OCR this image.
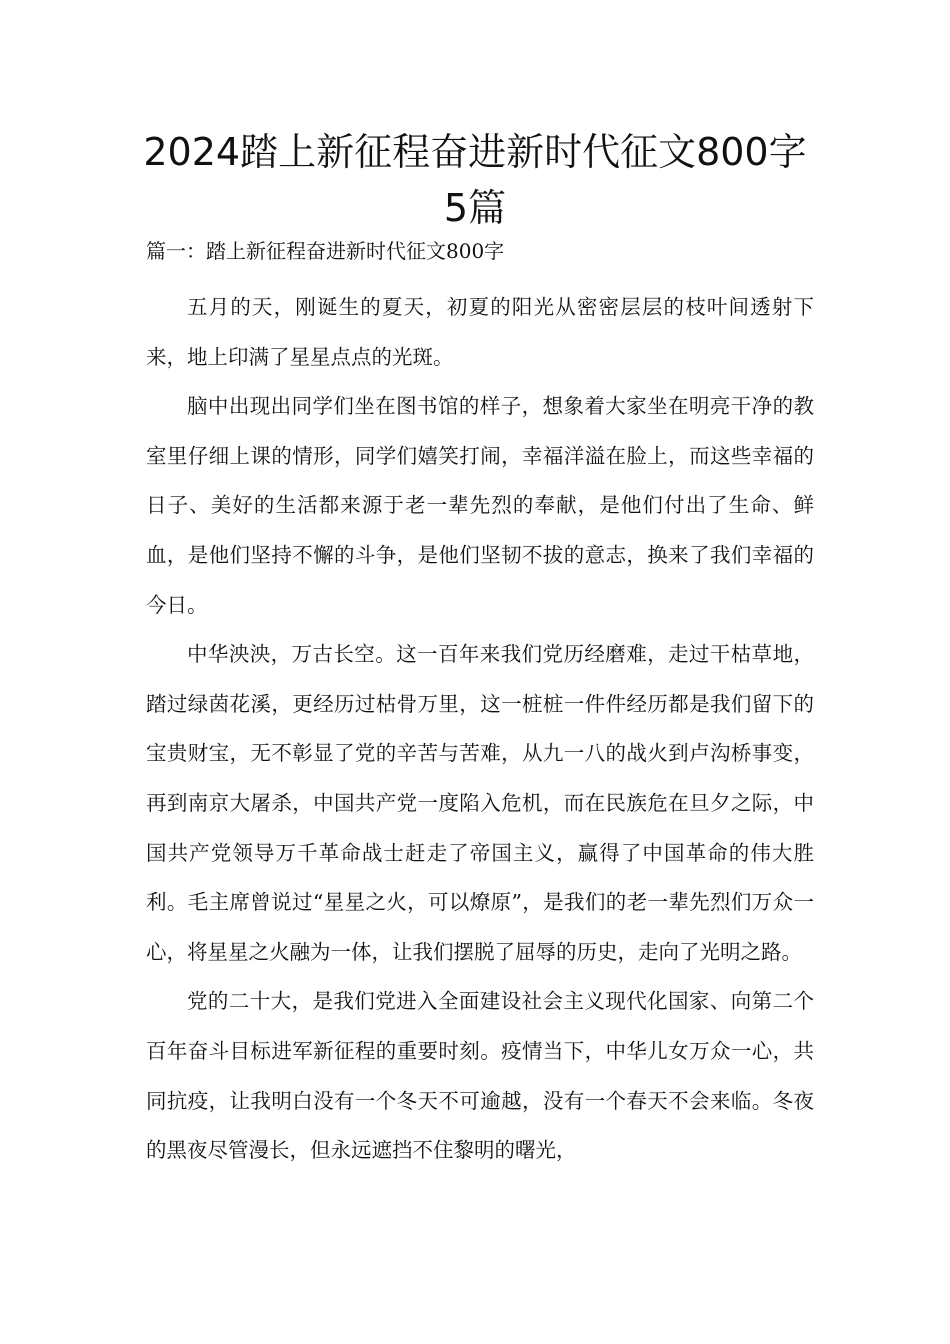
2024踏上新征程奋进新时代征文800字
5篇

篇一：踏上新征程奋进新时代征文800字

五月的天，刚诞生的夏天，初夏的阳光从密密层层的枝叶间透射下来，地上印满了星星点点的光斑。

脑中出现出同学们坐在图书馆的样子，想象着大家坐在明亮干净的教室里仔细上课的情形，同学们嬉笑打闹，幸福洋溢在脸上，而这些幸福的日子、美好的生活都来源于老一辈先烈的奉献，是他们付出了生命、鲜血，是他们坚持不懈的斗争，是他们坚韧不拔的意志，换来了我们幸福的今日。

中华泱泱，万古长空。这一百年来我们党历经磨难，走过干枯草地，踏过绿茵花溪，更经历过枯骨万里，这一桩桩一件件经历都是我们留下的宝贵财宝，无不彰显了党的辛苦与苦难，从九一八的战火到卢沟桥事变，再到南京大屠杀，中国共产党一度陷入危机，而在民族危在旦夕之际，中国共产党领导万千革命战士赶走了帝国主义，赢得了中国革命的伟大胜利。毛主席曾说过“星星之火，可以燎原”，是我们的老一辈先烈们万众一心，将星星之火融为一体，让我们摆脱了屈辱的历史，走向了光明之路。

党的二十大，是我们党进入全面建设社会主义现代化国家、向第二个百年奋斗目标进军新征程的重要时刻。疫情当下，中华儿女万众一心，共同抗疫，让我明白没有一个冬天不可逾越，没有一个春天不会来临。冬夜的黑夜尽管漫长，但永远遮挡不住黎明的曙光，
